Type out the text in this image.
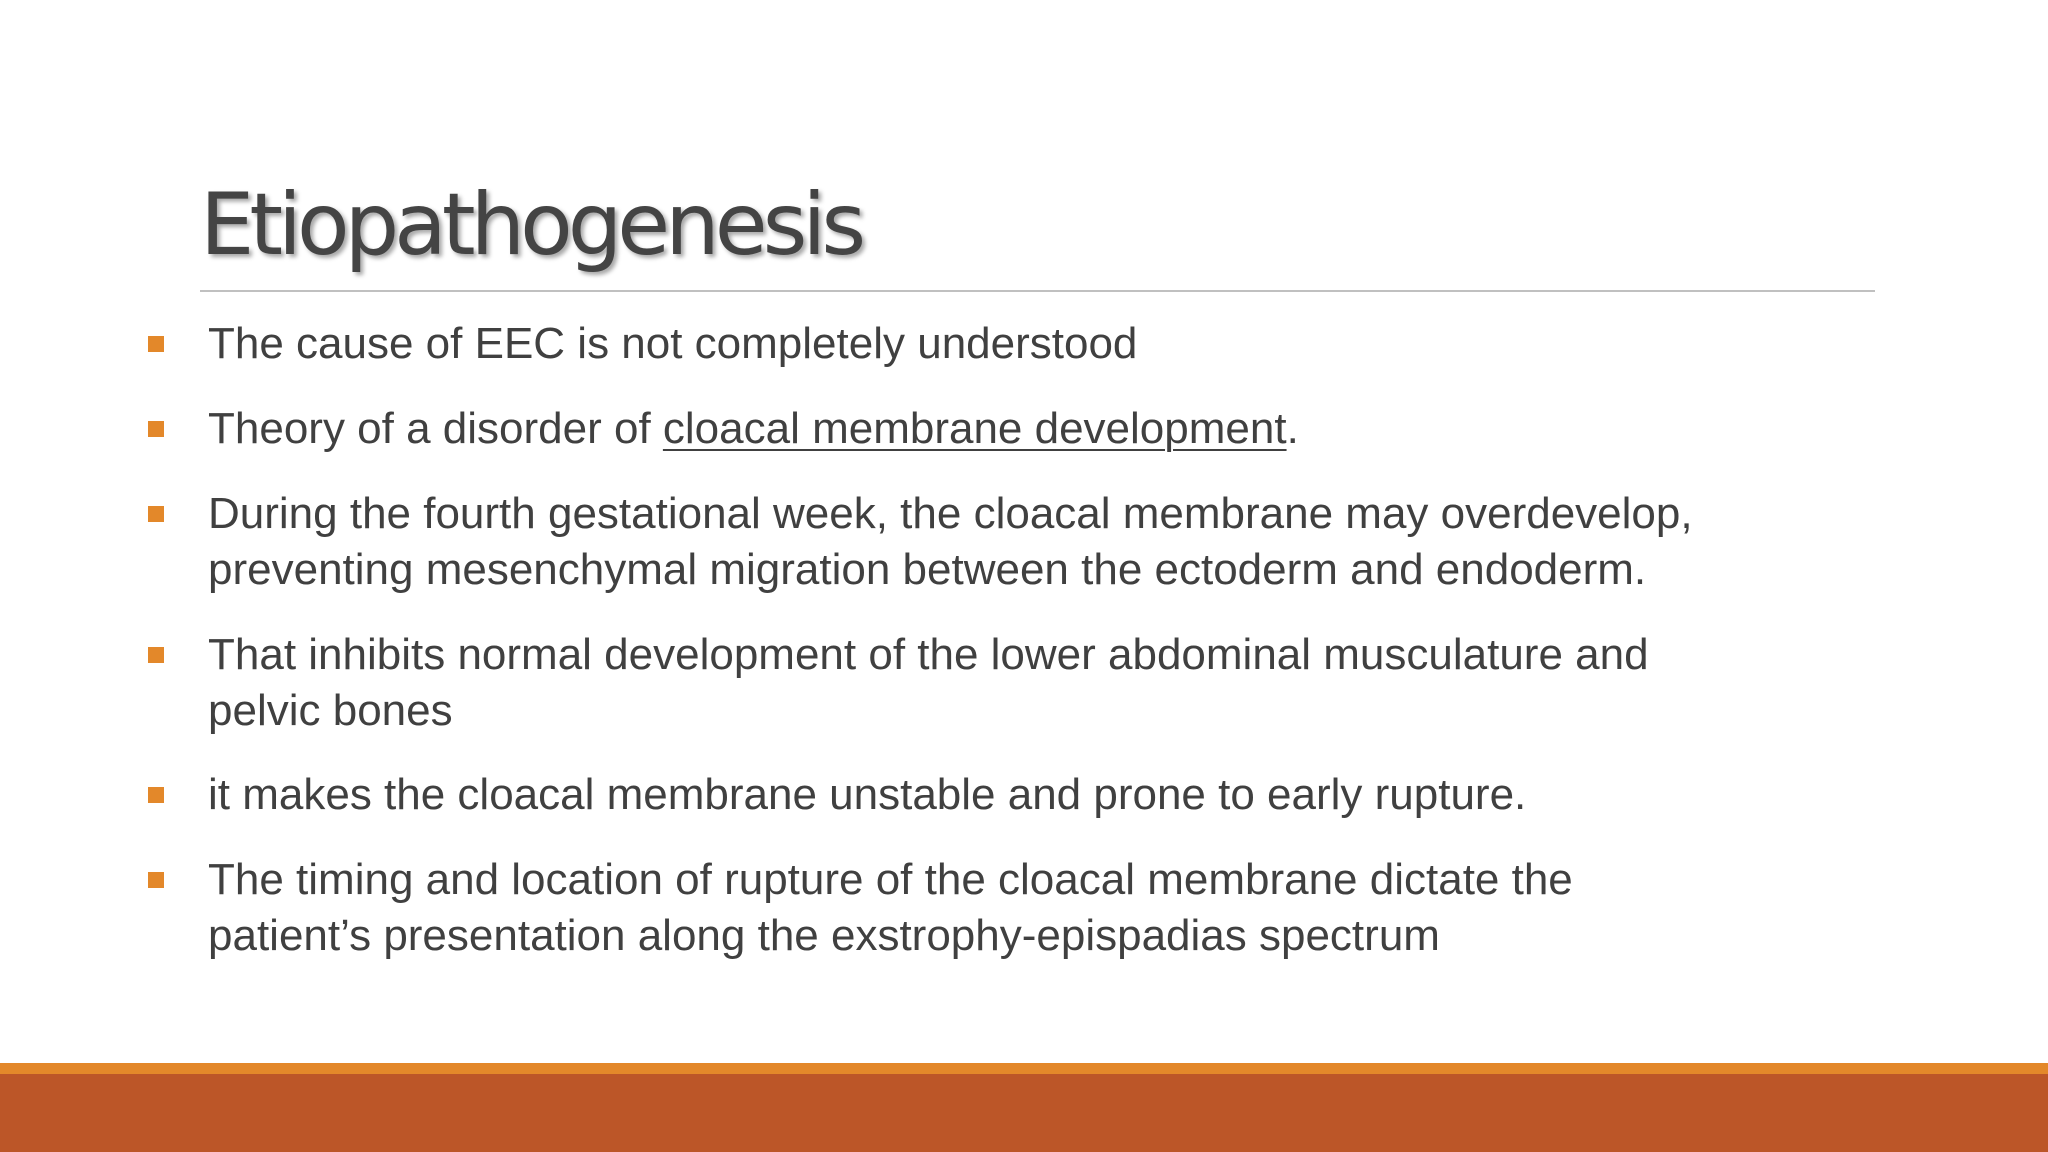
Etiopathogenesis
The cause of EEC is not completely understood
Theory of a disorder of cloacal membrane development.
During the fourth gestational week, the cloacal membrane may overdevelop,
preventing mesenchymal migration between the ectoderm and endoderm.
That inhibits normal development of the lower abdominal musculature and
pelvic bones
it makes the cloacal membrane unstable and prone to early rupture.
The timing and location of rupture of the cloacal membrane dictate the
patient’s presentation along the exstrophy-epispadias spectrum
